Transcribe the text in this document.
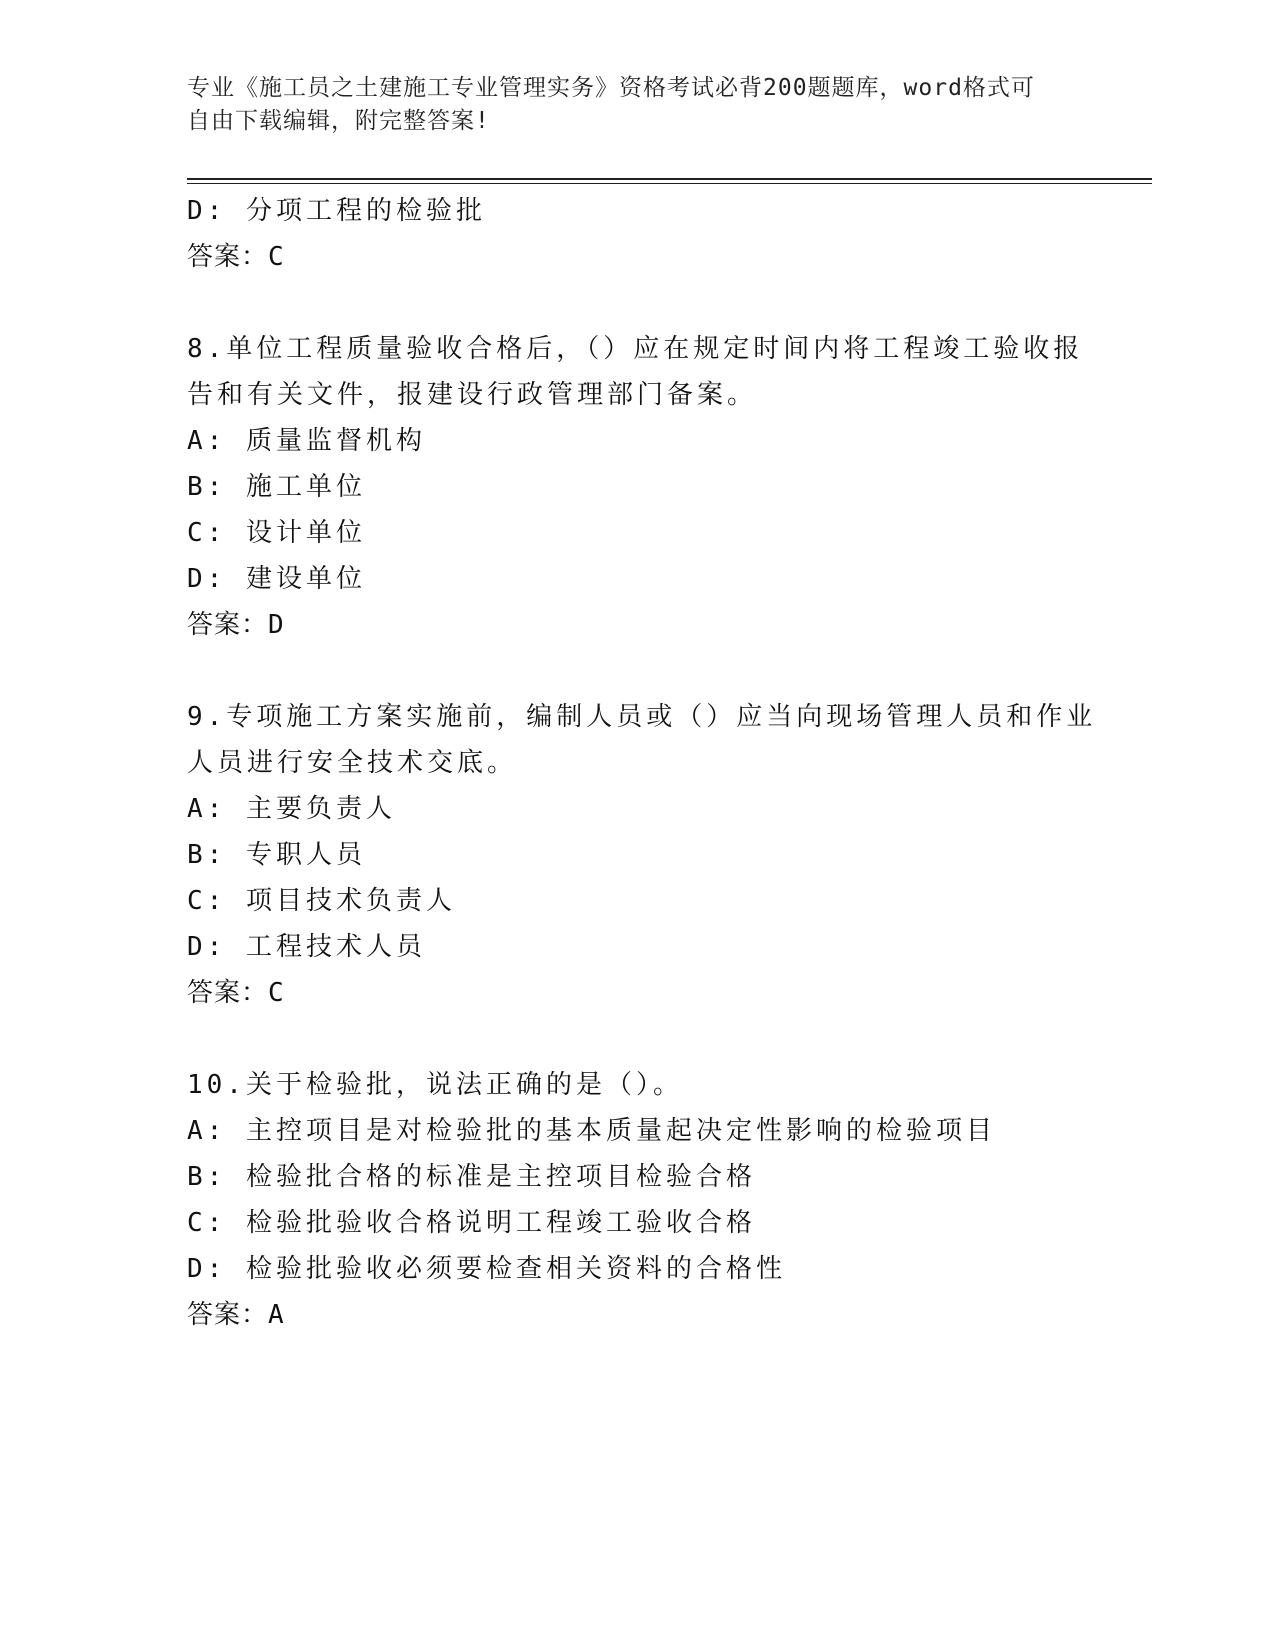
专业《施工员之土建施工专业管理实务》资格考试必背200题题库，word格式可
自由下载编辑，附完整答案!
D: 分项工程的检验批
答案：C
8.单位工程质量验收合格后，（）应在规定时间内将工程竣工验收报
告和有关文件，报建设行政管理部门备案。
A: 质量监督机构
B: 施工单位
C: 设计单位
D: 建设单位
答案：D
9.专项施工方案实施前，编制人员或（）应当向现场管理人员和作业
人员进行安全技术交底。
A: 主要负责人
B: 专职人员
C: 项目技术负责人
D: 工程技术人员
答案：C
10.关于检验批，说法正确的是（）。
A: 主控项目是对检验批的基本质量起决定性影响的检验项目
B: 检验批合格的标准是主控项目检验合格
C: 检验批验收合格说明工程竣工验收合格
D: 检验批验收必须要检查相关资料的合格性
答案：A
